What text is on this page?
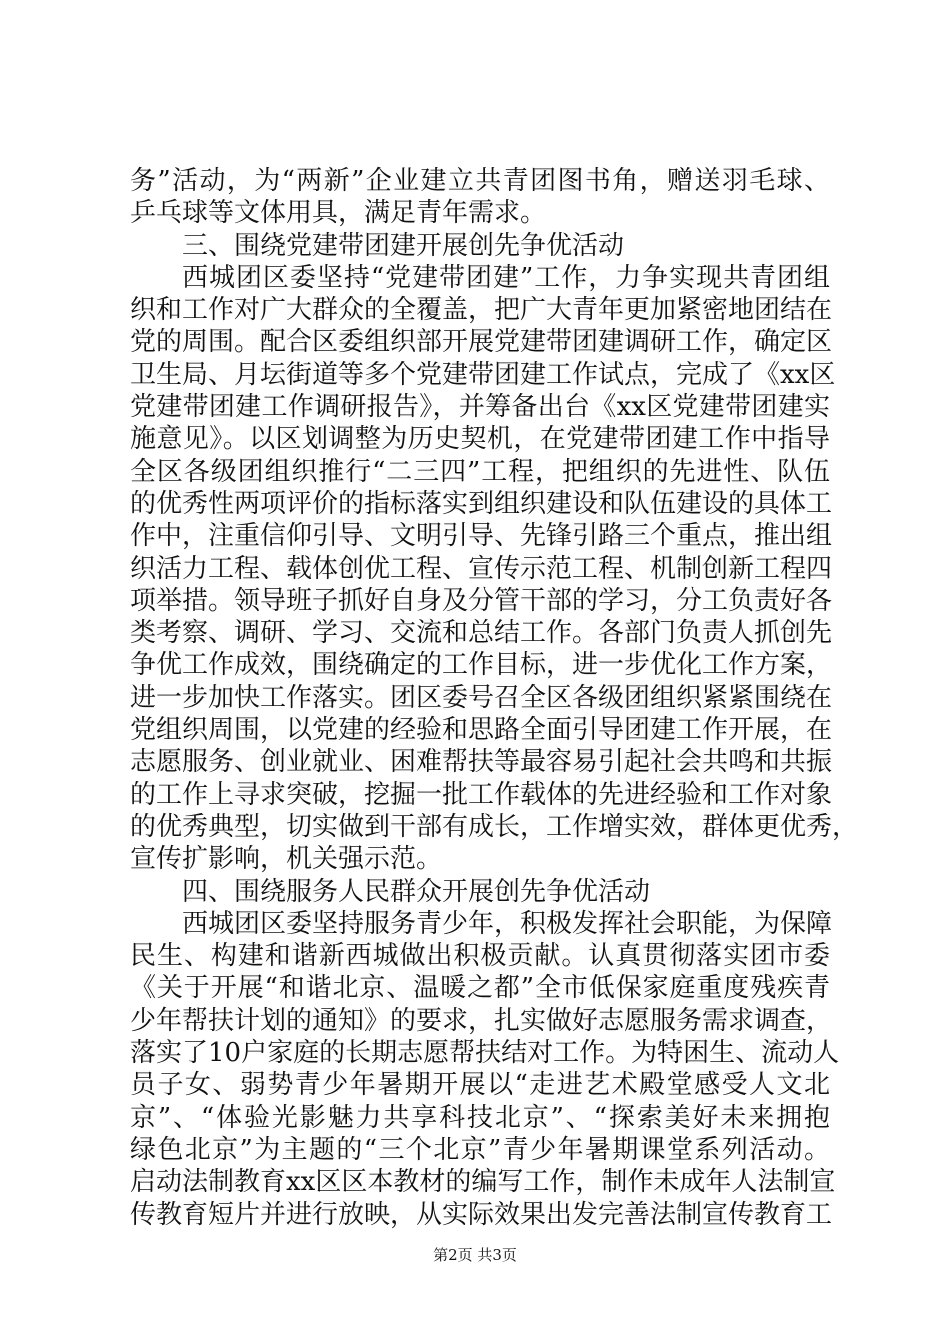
务”活动，为“两新”企业建立共青团图书角，赠送羽毛球、
乒乓球等文体用具，满足青年需求。
三、围绕党建带团建开展创先争优活动
西城团区委坚持“党建带团建”工作，力争实现共青团组
织和工作对广大群众的全覆盖，把广大青年更加紧密地团结在
党的周围。配合区委组织部开展党建带团建调研工作，确定区
卫生局、月坛街道等多个党建带团建工作试点，完成了《xx区
党建带团建工作调研报告》，并筹备出台《xx区党建带团建实
施意见》。以区划调整为历史契机，在党建带团建工作中指导
全区各级团组织推行“二三四”工程，把组织的先进性、队伍
的优秀性两项评价的指标落实到组织建设和队伍建设的具体工
作中，注重信仰引导、文明引导、先锋引路三个重点，推出组
织活力工程、载体创优工程、宣传示范工程、机制创新工程四
项举措。领导班子抓好自身及分管干部的学习，分工负责好各
类考察、调研、学习、交流和总结工作。各部门负责人抓创先
争优工作成效，围绕确定的工作目标，进一步优化工作方案，
进一步加快工作落实。团区委号召全区各级团组织紧紧围绕在
党组织周围，以党建的经验和思路全面引导团建工作开展，在
志愿服务、创业就业、困难帮扶等最容易引起社会共鸣和共振
的工作上寻求突破，挖掘一批工作载体的先进经验和工作对象
的优秀典型，切实做到干部有成长，工作增实效，群体更优秀，
宣传扩影响，机关强示范。
四、围绕服务人民群众开展创先争优活动
西城团区委坚持服务青少年，积极发挥社会职能，为保障
民生、构建和谐新西城做出积极贡献。认真贯彻落实团市委
《关于开展“和谐北京、温暖之都”全市低保家庭重度残疾青
少年帮扶计划的通知》的要求，扎实做好志愿服务需求调查，
落实了10户家庭的长期志愿帮扶结对工作。为特困生、流动人
员子女、弱势青少年暑期开展以“走进艺术殿堂感受人文北
京”、“体验光影魅力共享科技北京”、“探索美好未来拥抱
绿色北京”为主题的“三个北京”青少年暑期课堂系列活动。
启动法制教育xx区区本教材的编写工作，制作未成年人法制宣
传教育短片并进行放映，从实际效果出发完善法制宣传教育工
第2页 共3页
